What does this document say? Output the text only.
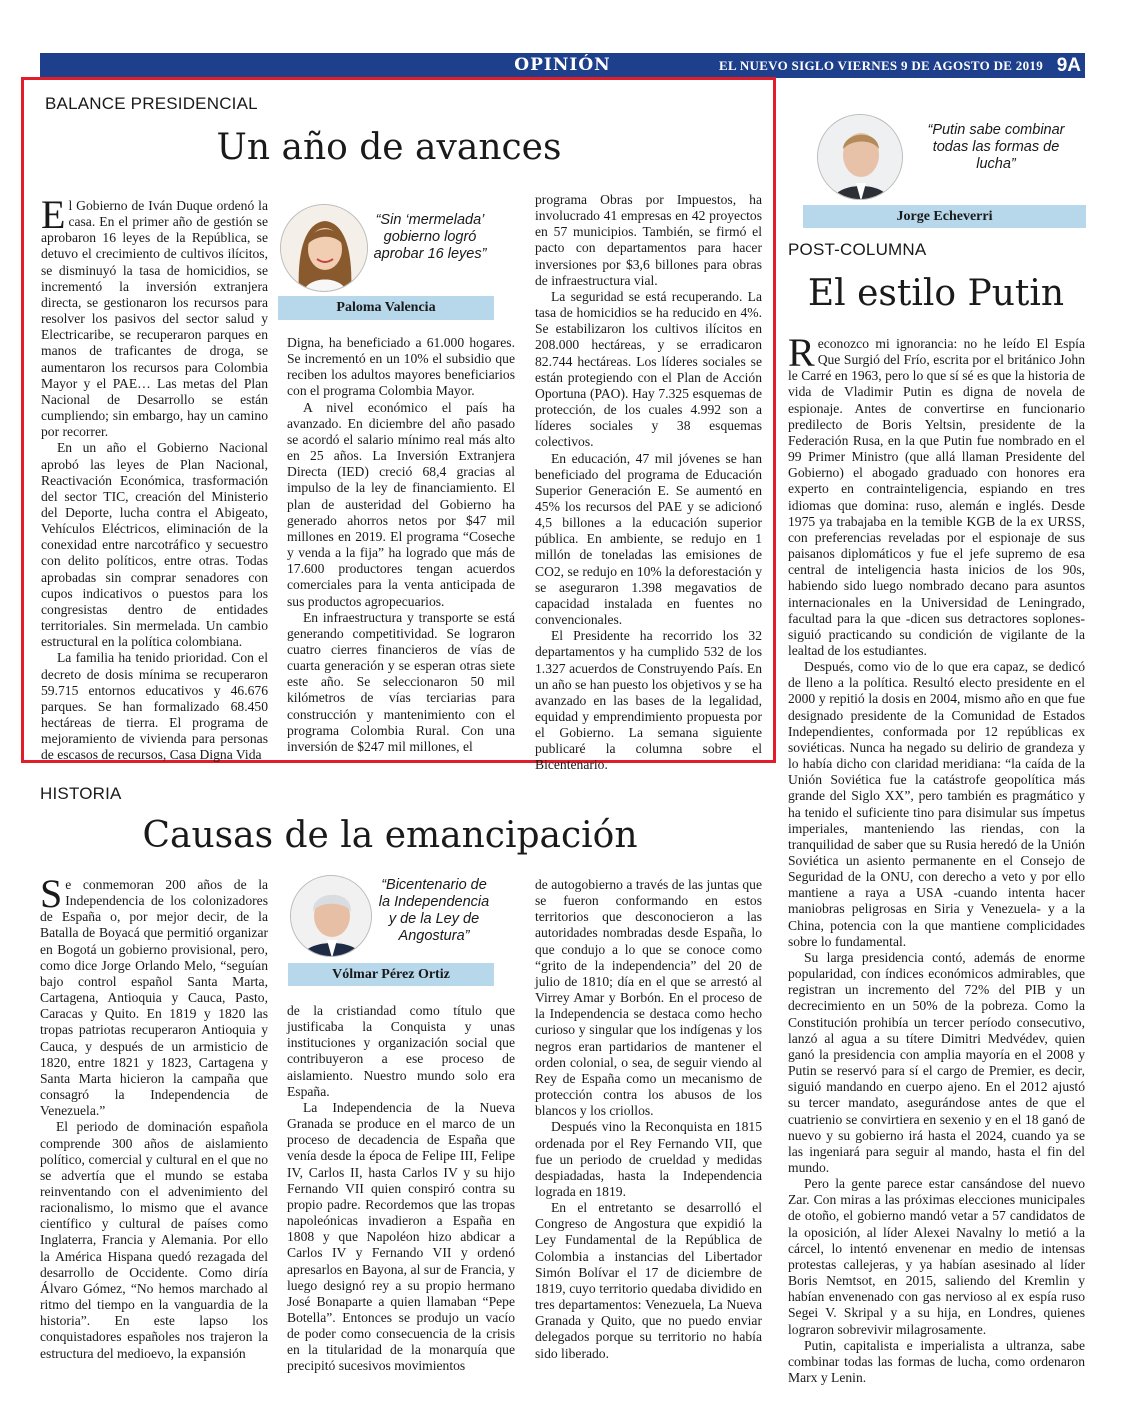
OPINIÓN	EL NUEVO SIGLO VIERNES 9 DE AGOSTO DE 2019 9A
BALANCE PRESIDENCIAL
Un año de avances

El Gobierno de Iván Duque ordenó la casa. En el primer año de gestión se aprobaron 16 leyes de la República, se detuvo el crecimiento de cultivos ilícitos, se disminuyó la tasa de homicidios, se incrementó la inversión extranjera directa, se gestionaron los recursos para resolver los pasivos del sector salud y Electricaribe, se recuperaron parques en manos de traficantes de droga, se aumentaron los recursos para Colombia Mayor y el PAE… Las metas del Plan Nacional de Desarrollo se están cumpliendo; sin embargo, hay un camino por recorrer.

En un año el Gobierno Nacional aprobó las leyes de Plan Nacional, Reactivación Económica, trasformación del sector TIC, creación del Ministerio del Deporte, lucha contra el Abigeato, Vehículos Eléctricos, eliminación de la conexidad entre narcotráfico y secuestro con delito políticos, entre otras. Todas aprobadas sin comprar senadores con cupos indicativos o puestos para los congresistas dentro de entidades territoriales. Sin mermelada. Un cambio estructural en la política colombiana.

La familia ha tenido prioridad. Con el decreto de dosis mínima se recuperaron 59.715 entornos educativos y 46.676 parques. Se han formalizado 68.450 hectáreas de tierra. El programa de mejoramiento de vivienda para personas de escasos de recursos, Casa Digna Vida

“Sin ‘mermelada’ gobierno logró aprobar 16 leyes”
Paloma Valencia

Digna, ha beneficiado a 61.000 hogares. Se incrementó en un 10% el subsidio que reciben los adultos mayores beneficiarios con el programa Colombia Mayor.

A nivel económico el país ha avanzado. En diciembre del año pasado se acordó el salario mínimo real más alto en 25 años. La Inversión Extranjera Directa (IED) creció 68,4 gracias al impulso de la ley de financiamiento. El plan de austeridad del Gobierno ha generado ahorros netos por $47 mil millones en 2019. El programa “Coseche y venda a la fija” ha logrado que más de 17.600 productores tengan acuerdos comerciales para la venta anticipada de sus productos agropecuarios.

En infraestructura y transporte se está generando competitividad. Se lograron cuatro cierres financieros de vías de cuarta generación y se esperan otras siete este año. Se seleccionaron 50 mil kilómetros de vías terciarias para construcción y mantenimiento con el programa Colombia Rural. Con una inversión de $247 mil millones, el

programa Obras por Impuestos, ha involucrado 41 empresas en 42 proyectos en 57 municipios. También, se firmó el pacto con departamentos para hacer inversiones por $3,6 billones para obras de infraestructura vial.

La seguridad se está recuperando. La tasa de homicidios se ha reducido en 4%. Se estabilizaron los cultivos ilícitos en 208.000 hectáreas, y se erradicaron 82.744 hectáreas. Los líderes sociales se están protegiendo con el Plan de Acción Oportuna (PAO). Hay 7.325 esquemas de protección, de los cuales 4.992 son a líderes sociales y 38 esquemas colectivos.

En educación, 47 mil jóvenes se han beneficiado del programa de Educación Superior Generación E. Se aumentó en 45% los recursos del PAE y se adicionó 4,5 billones a la educación superior pública. En ambiente, se redujo en 1 millón de toneladas las emisiones de CO2, se redujo en 10% la deforestación y se aseguraron 1.398 megavatios de capacidad instalada en fuentes no convencionales.

El Presidente ha recorrido los 32 departamentos y ha cumplido 532 de los 1.327 acuerdos de Construyendo País. En un año se han puesto los objetivos y se ha avanzado en las bases de la legalidad, equidad y emprendimiento propuesta por el Gobierno. La semana siguiente publicaré la columna sobre el Bicentenario.

“Putin sabe combinar todas las formas de lucha”
Jorge Echeverri
POST-COLUMNA
El estilo Putin

Reconozco mi ignorancia: no he leído El Espía Que Surgió del Frío, escrita por el británico John le Carré en 1963, pero lo que sí sé es que la historia de vida de Vladimir Putin es digna de novela de espionaje. Antes de convertirse en funcionario predilecto de Boris Yeltsin, presidente de la Federación Rusa, en la que Putin fue nombrado en el 99 Primer Ministro (que allá llaman Presidente del Gobierno) el abogado graduado con honores era experto en contrainteligencia, espiando en tres idiomas que domina: ruso, alemán e inglés. Desde 1975 ya trabajaba en la temible KGB de la ex URSS, con preferencias reveladas por el espionaje de sus paisanos diplomáticos y fue el jefe supremo de esa central de inteligencia hasta inicios de los 90s, habiendo sido luego nombrado decano para asuntos internacionales en la Universidad de Leningrado, facultad para la que -dicen sus detractores soplones- siguió practicando su condición de vigilante de la lealtad de los estudiantes.

Después, como vio de lo que era capaz, se dedicó de lleno a la política. Resultó electo presidente en el 2000 y repitió la dosis en 2004, mismo año en que fue designado presidente de la Comunidad de Estados Independientes, conformada por 12 repúblicas ex soviéticas. Nunca ha negado su delirio de grandeza y lo había dicho con claridad meridiana: “la caída de la Unión Soviética fue la catástrofe geopolítica más grande del Siglo XX”, pero también es pragmático y ha tenido el suficiente tino para disimular sus ímpetus imperiales, manteniendo las riendas, con la tranquilidad de saber que su Rusia heredó de la Unión Soviética un asiento permanente en el Consejo de Seguridad de la ONU, con derecho a veto y por ello mantiene a raya a USA -cuando intenta hacer maniobras peligrosas en Siria y Venezuela- y a la China, potencia con la que mantiene complicidades sobre lo fundamental.

Su larga presidencia contó, además de enorme popularidad, con índices económicos admirables, que registran un incremento del 72% del PIB y un decrecimiento en un 50% de la pobreza. Como la Constitución prohibía un tercer período consecutivo, lanzó al agua a su títere Dimitri Medvédev, quien ganó la presidencia con amplia mayoría en el 2008 y Putin se reservó para sí el cargo de Premier, es decir, siguió mandando en cuerpo ajeno. En el 2012 ajustó su tercer mandato, asegurándose antes de que el cuatrienio se convirtiera en sexenio y en el 18 ganó de nuevo y su gobierno irá hasta el 2024, cuando ya se las ingeniará para seguir al mando, hasta el fin del mundo.

Pero la gente parece estar cansándose del nuevo Zar. Con miras a las próximas elecciones municipales de otoño, el gobierno mandó vetar a 57 candidatos de la oposición, al líder Alexei Navalny lo metió a la cárcel, lo intentó envenenar en medio de intensas protestas callejeras, y ya habían asesinado al líder Boris Nemtsot, en 2015, saliendo del Kremlin y habían envenenado con gas nervioso al ex espía ruso Segei V. Skripal y a su hija, en Londres, quienes lograron sobrevivir milagrosamente.

Putin, capitalista e imperialista a ultranza, sabe combinar todas las formas de lucha, como ordenaron Marx y Lenin.

HISTORIA
Causas de la emancipación

Se conmemoran 200 años de la Independencia de los colonizadores de España o, por mejor decir, de la Batalla de Boyacá que permitió organizar en Bogotá un gobierno provisional, pero, como dice Jorge Orlando Melo, “seguían bajo control español Santa Marta, Cartagena, Antioquia y Cauca, Pasto, Caracas y Quito. En 1819 y 1820 las tropas patriotas recuperaron Antioquia y Cauca, y después de un armisticio de 1820, entre 1821 y 1823, Cartagena y Santa Marta hicieron la campaña que consagró la Independencia de Venezuela.”

El periodo de dominación española comprende 300 años de aislamiento político, comercial y cultural en el que no se advertía que el mundo se estaba reinventando con el advenimiento del racionalismo, lo mismo que el avance científico y cultural de países como Inglaterra, Francia y Alemania. Por ello la América Hispana quedó rezagada del desarrollo de Occidente. Como diría Álvaro Gómez, “No hemos marchado al ritmo del tiempo en la vanguardia de la historia”. En este lapso los conquistadores españoles nos trajeron la estructura del medioevo, la expansión

“Bicentenario de la Independencia y de la Ley de Angostura”
Vólmar Pérez Ortiz

de la cristiandad como título que justificaba la Conquista y unas instituciones y organización social que contribuyeron a ese proceso de aislamiento. Nuestro mundo solo era España.

La Independencia de la Nueva Granada se produce en el marco de un proceso de decadencia de España que venía desde la época de Felipe III, Felipe IV, Carlos II, hasta Carlos IV y su hijo Fernando VII quien conspiró contra su propio padre. Recordemos que las tropas napoleónicas invadieron a España en 1808 y que Napoléon hizo abdicar a Carlos IV y Fernando VII y ordenó apresarlos en Bayona, al sur de Francia, y luego designó rey a su propio hermano José Bonaparte a quien llamaban “Pepe Botella”. Entonces se produjo un vacío de poder como consecuencia de la crisis en la titularidad de la monarquía que precipitó sucesivos movimientos

de autogobierno a través de las juntas que se fueron conformando en estos territorios que desconocieron a las autoridades nombradas desde España, lo que condujo a lo que se conoce como “grito de la independencia” del 20 de julio de 1810; día en el que se arrestó al Virrey Amar y Borbón. En el proceso de la Independencia se destaca como hecho curioso y singular que los indígenas y los negros eran partidarios de mantener el orden colonial, o sea, de seguir viendo al Rey de España como un mecanismo de protección contra los abusos de los blancos y los criollos.

Después vino la Reconquista en 1815 ordenada por el Rey Fernando VII, que fue un periodo de crueldad y medidas despiadadas, hasta la Independencia lograda en 1819.

En el entretanto se desarrolló el Congreso de Angostura que expidió la Ley Fundamental de la República de Colombia a instancias del Libertador Simón Bolívar el 17 de diciembre de 1819, cuyo territorio quedaba dividido en tres departamentos: Venezuela, La Nueva Granada y Quito, que no puedo enviar delegados porque su territorio no había sido liberado.
